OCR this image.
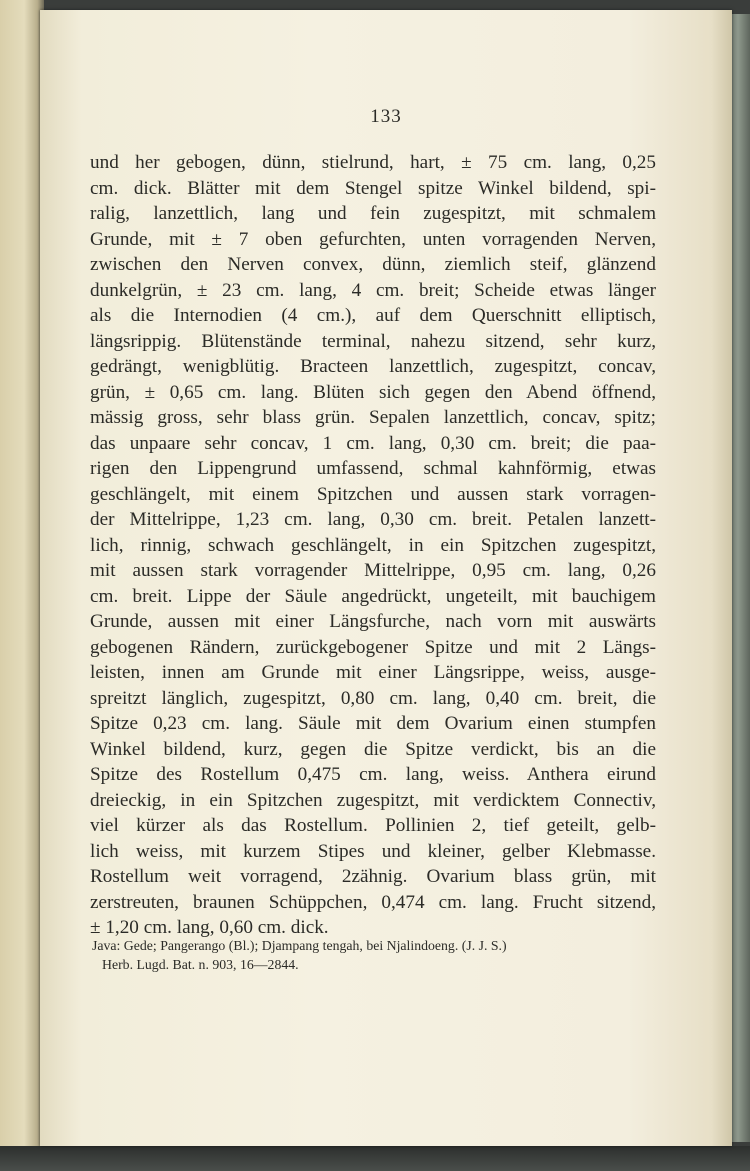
133
und her gebogen, dünn, stielrund, hart, ± 75 cm. lang, 0,25
cm. dick. Blätter mit dem Stengel spitze Winkel bildend, spi-
ralig, lanzettlich, lang und fein zugespitzt, mit schmalem
Grunde, mit ± 7 oben gefurchten, unten vorragenden Nerven,
zwischen den Nerven convex, dünn, ziemlich steif, glänzend
dunkelgrün, ± 23 cm. lang, 4 cm. breit; Scheide etwas länger
als die Internodien (4 cm.), auf dem Querschnitt elliptisch,
längsrippig. Blütenstände terminal, nahezu sitzend, sehr kurz,
gedrängt, wenigblütig. Bracteen lanzettlich, zugespitzt, concav,
grün, ± 0,65 cm. lang. Blüten sich gegen den Abend öffnend,
mässig gross, sehr blass grün. Sepalen lanzettlich, concav, spitz;
das unpaare sehr concav, 1 cm. lang, 0,30 cm. breit; die paa-
rigen den Lippengrund umfassend, schmal kahnförmig, etwas
geschlängelt, mit einem Spitzchen und aussen stark vorragen-
der Mittelrippe, 1,23 cm. lang, 0,30 cm. breit. Petalen lanzett-
lich, rinnig, schwach geschlängelt, in ein Spitzchen zugespitzt,
mit aussen stark vorragender Mittelrippe, 0,95 cm. lang, 0,26
cm. breit. Lippe der Säule angedrückt, ungeteilt, mit bauchigem
Grunde, aussen mit einer Längsfurche, nach vorn mit auswärts
gebogenen Rändern, zurückgebogener Spitze und mit 2 Längs-
leisten, innen am Grunde mit einer Längsrippe, weiss, ausge-
spreitzt länglich, zugespitzt, 0,80 cm. lang, 0,40 cm. breit, die
Spitze 0,23 cm. lang. Säule mit dem Ovarium einen stumpfen
Winkel bildend, kurz, gegen die Spitze verdickt, bis an die
Spitze des Rostellum 0,475 cm. lang, weiss. Anthera eirund
dreieckig, in ein Spitzchen zugespitzt, mit verdicktem Connectiv,
viel kürzer als das Rostellum. Pollinien 2, tief geteilt, gelb-
lich weiss, mit kurzem Stipes und kleiner, gelber Klebmasse.
Rostellum weit vorragend, 2zähnig. Ovarium blass grün, mit
zerstreuten, braunen Schüppchen, 0,474 cm. lang. Frucht sitzend,
± 1,20 cm. lang, 0,60 cm. dick.
Java: Gede; Pangerango (Bl.); Djampang tengah, bei Njalindoeng. (J. J. S.)
Herb. Lugd. Bat. n. 903, 16—2844.
